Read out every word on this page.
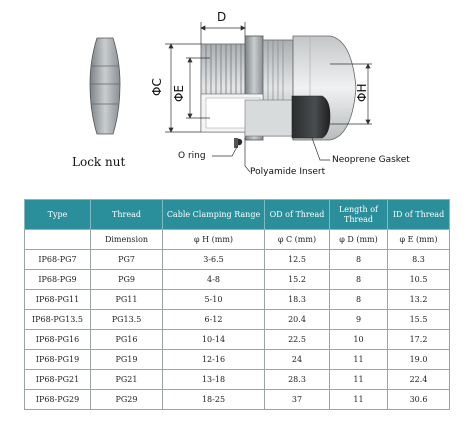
Lock nut
D
ΦC ΦE	ΦH
O ring
Polyamide Insert
Neoprene Gasket
Type	Thread	Cable Clamping Range	OD of Thread	Length of Thread	ID of Thread
	Dimension	φ H (mm)	φ C (mm)	φ D (mm)	φ E (mm)
IP68-PG7	PG7	3-6.5	12.5	8	8.3
IP68-PG9	PG9	4-8	15.2	8	10.5
IP68-PG11	PG11	5-10	18.3	8	13.2
IP68-PG13.5	PG13.5	6-12	20.4	9	15.5
IP68-PG16	PG16	10-14	22.5	10	17.2
IP68-PG19	PG19	12-16	24	11	19.0
IP68-PG21	PG21	13-18	28.3	11	22.4
IP68-PG29	PG29	18-25	37	11	30.6
